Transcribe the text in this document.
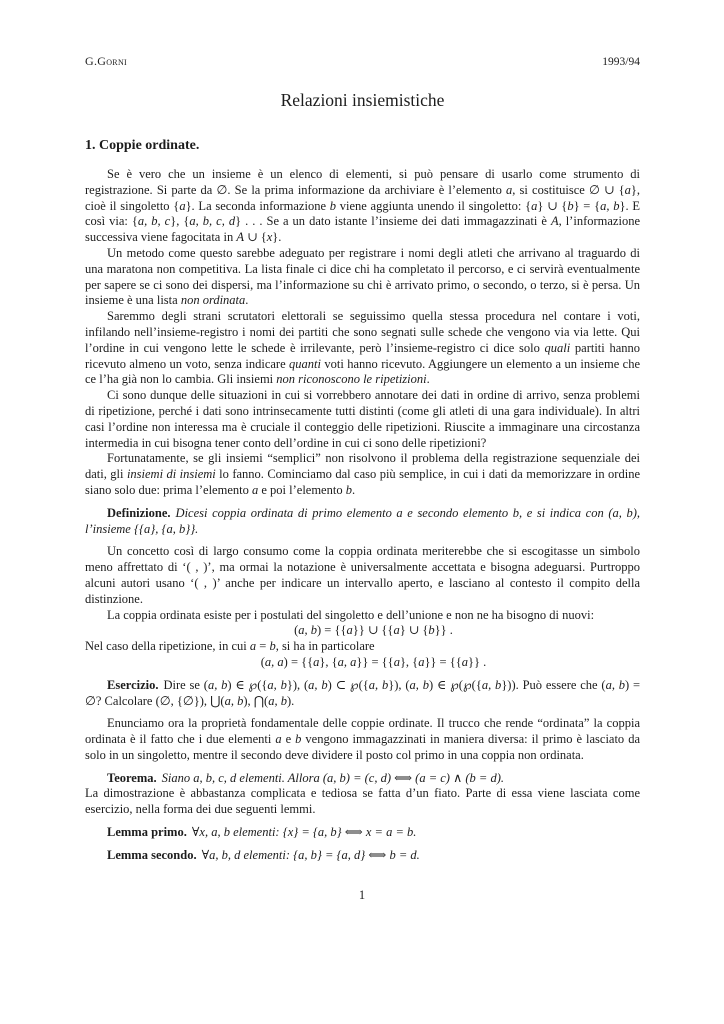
G.Gorni	1993/94
Relazioni insiemistiche
1. Coppie ordinate.

Se è vero che un insieme è un elenco di elementi, si può pensare di usarlo come strumento di registrazione. Si parte da ∅. Se la prima informazione da archiviare è l’elemento a, si costituisce ∅ ∪ {a}, cioè il singoletto {a}. La seconda informazione b viene aggiunta unendo il singoletto: {a} ∪ {b} = {a, b}. E così via: {a, b, c}, {a, b, c, d} . . . Se a un dato istante l’insieme dei dati immagazzinati è A, l’informazione successiva viene fagocitata in A ∪ {x}.

Un metodo come questo sarebbe adeguato per registrare i nomi degli atleti che arrivano al traguardo di una maratona non competitiva. La lista finale ci dice chi ha completato il percorso, e ci servirà eventualmente per sapere se ci sono dei dispersi, ma l’informazione su chi è arrivato primo, o secondo, o terzo, si è persa. Un insieme è una lista non ordinata.

Saremmo degli strani scrutatori elettorali se seguissimo quella stessa procedura nel contare i voti, infilando nell’insieme-registro i nomi dei partiti che sono segnati sulle schede che vengono via via lette. Qui l’ordine in cui vengono lette le schede è irrilevante, però l’insieme-registro ci dice solo quali partiti hanno ricevuto almeno un voto, senza indicare quanti voti hanno ricevuto. Aggiungere un elemento a un insieme che ce l’ha già non lo cambia. Gli insiemi non riconoscono le ripetizioni.

Ci sono dunque delle situazioni in cui si vorrebbero annotare dei dati in ordine di arrivo, senza problemi di ripetizione, perché i dati sono intrinsecamente tutti distinti (come gli atleti di una gara individuale). In altri casi l’ordine non interessa ma è cruciale il conteggio delle ripetizioni. Riuscite a immaginare una circostanza intermedia in cui bisogna tener conto dell’ordine in cui ci sono delle ripetizioni?

Fortunatamente, se gli insiemi “semplici” non risolvono il problema della registrazione sequenziale dei dati, gli insiemi di insiemi lo fanno. Cominciamo dal caso più semplice, in cui i dati da memorizzare in ordine siano solo due: prima l’elemento a e poi l’elemento b.

Definizione. Dicesi coppia ordinata di primo elemento a e secondo elemento b, e si indica con (a, b), l’insieme {{a}, {a, b}}.

Un concetto così di largo consumo come la coppia ordinata meriterebbe che si escogitasse un simbolo meno affrettato di ‘( , )’, ma ormai la notazione è universalmente accettata e bisogna adeguarsi. Purtroppo alcuni autori usano ‘( , )’ anche per indicare un intervallo aperto, e lasciano al contesto il compito della distinzione.

La coppia ordinata esiste per i postulati del singoletto e dell’unione e non ne ha bisogno di nuovi:

(a, b) = {{a}} ∪ {{a} ∪ {b}} .

Nel caso della ripetizione, in cui a = b, si ha in particolare

(a, a) = {{a}, {a, a}} = {{a}, {a}} = {{a}} .

Esercizio. Dire se (a, b) ∈ ℘({a, b}), (a, b) ⊂ ℘({a, b}), (a, b) ∈ ℘(℘({a, b})). Può essere che (a, b) = ∅? Calcolare (∅, {∅}), ⋃(a, b), ⋂(a, b).

Enunciamo ora la proprietà fondamentale delle coppie ordinate. Il trucco che rende “ordinata” la coppia ordinata è il fatto che i due elementi a e b vengono immagazzinati in maniera diversa: il primo è lasciato da solo in un singoletto, mentre il secondo deve dividere il posto col primo in una coppia non ordinata.

Teorema. Siano a, b, c, d elementi. Allora (a, b) = (c, d) ⟺ (a = c) ∧ (b = d).

La dimostrazione è abbastanza complicata e tediosa se fatta d’un fiato. Parte di essa viene lasciata come esercizio, nella forma dei due seguenti lemmi.

Lemma primo. ∀x, a, b elementi: {x} = {a, b} ⟺ x = a = b.

Lemma secondo. ∀a, b, d elementi: {a, b} = {a, d} ⟺ b = d.

1
